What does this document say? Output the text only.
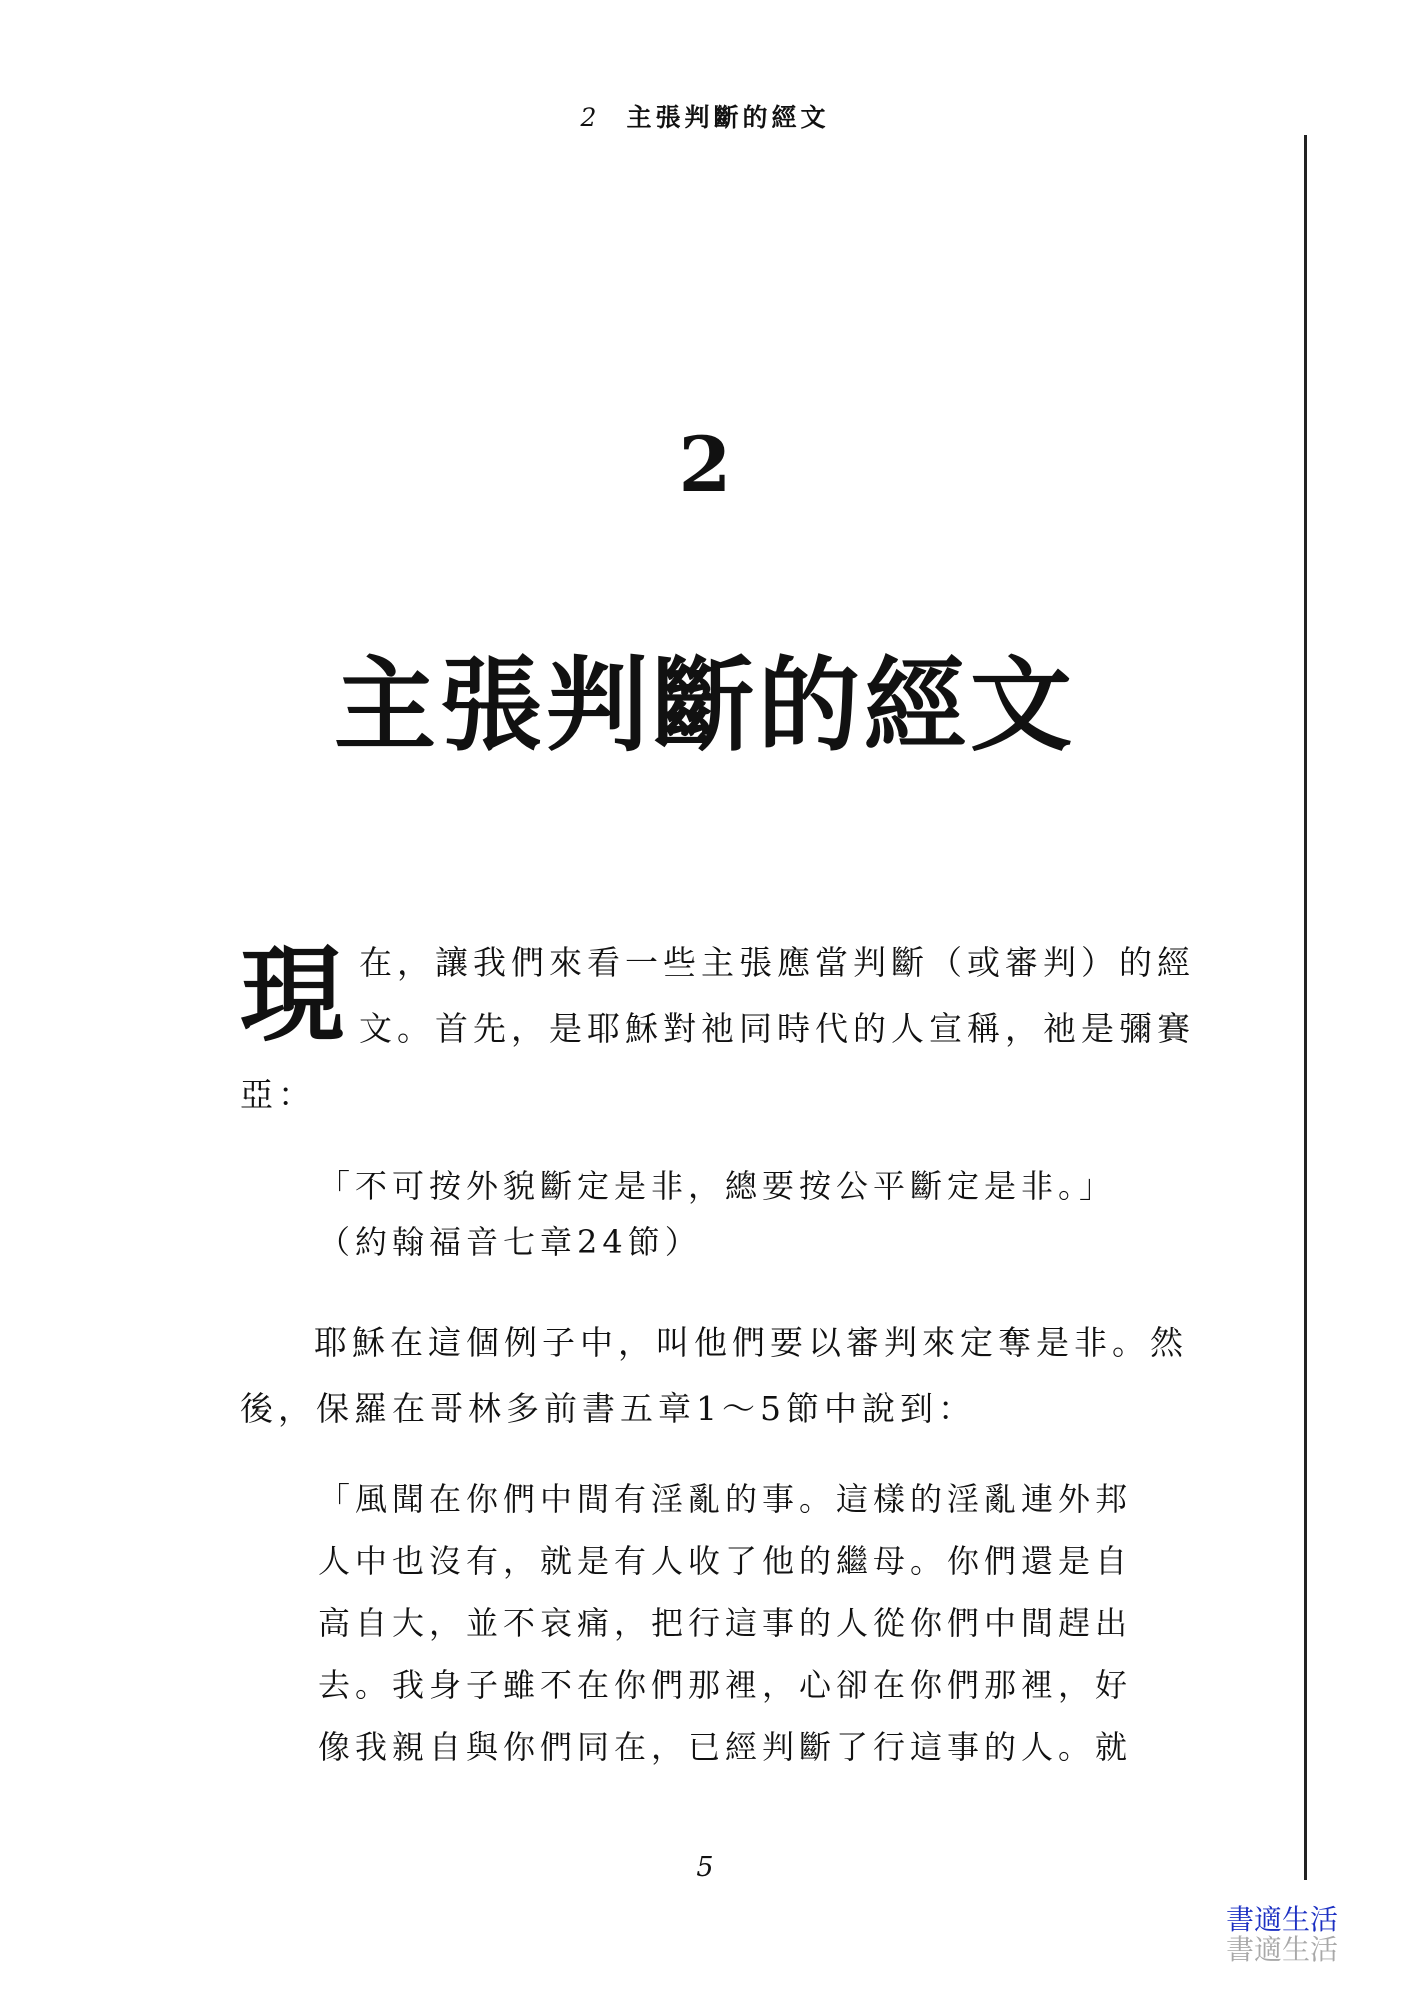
2 主張判斷的經文
2
主張判斷的經文
現在，讓我們來看一些主張應當判斷（或審判）的經文。首先，是耶穌對祂同時代的人宣稱，祂是彌賽亞：
「不可按外貌斷定是非，總要按公平斷定是非。」
（約翰福音七章24節）
耶穌在這個例子中，叫他們要以審判來定奪是非。然後，保羅在哥林多前書五章1～5節中說到：
「風聞在你們中間有淫亂的事。這樣的淫亂連外邦
人中也沒有，就是有人收了他的繼母。你們還是自
高自大，並不哀痛，把行這事的人從你們中間趕出
去。我身子雖不在你們那裡，心卻在你們那裡，好
像我親自與你們同在，已經判斷了行這事的人。就
5
書適生活
書適生活
